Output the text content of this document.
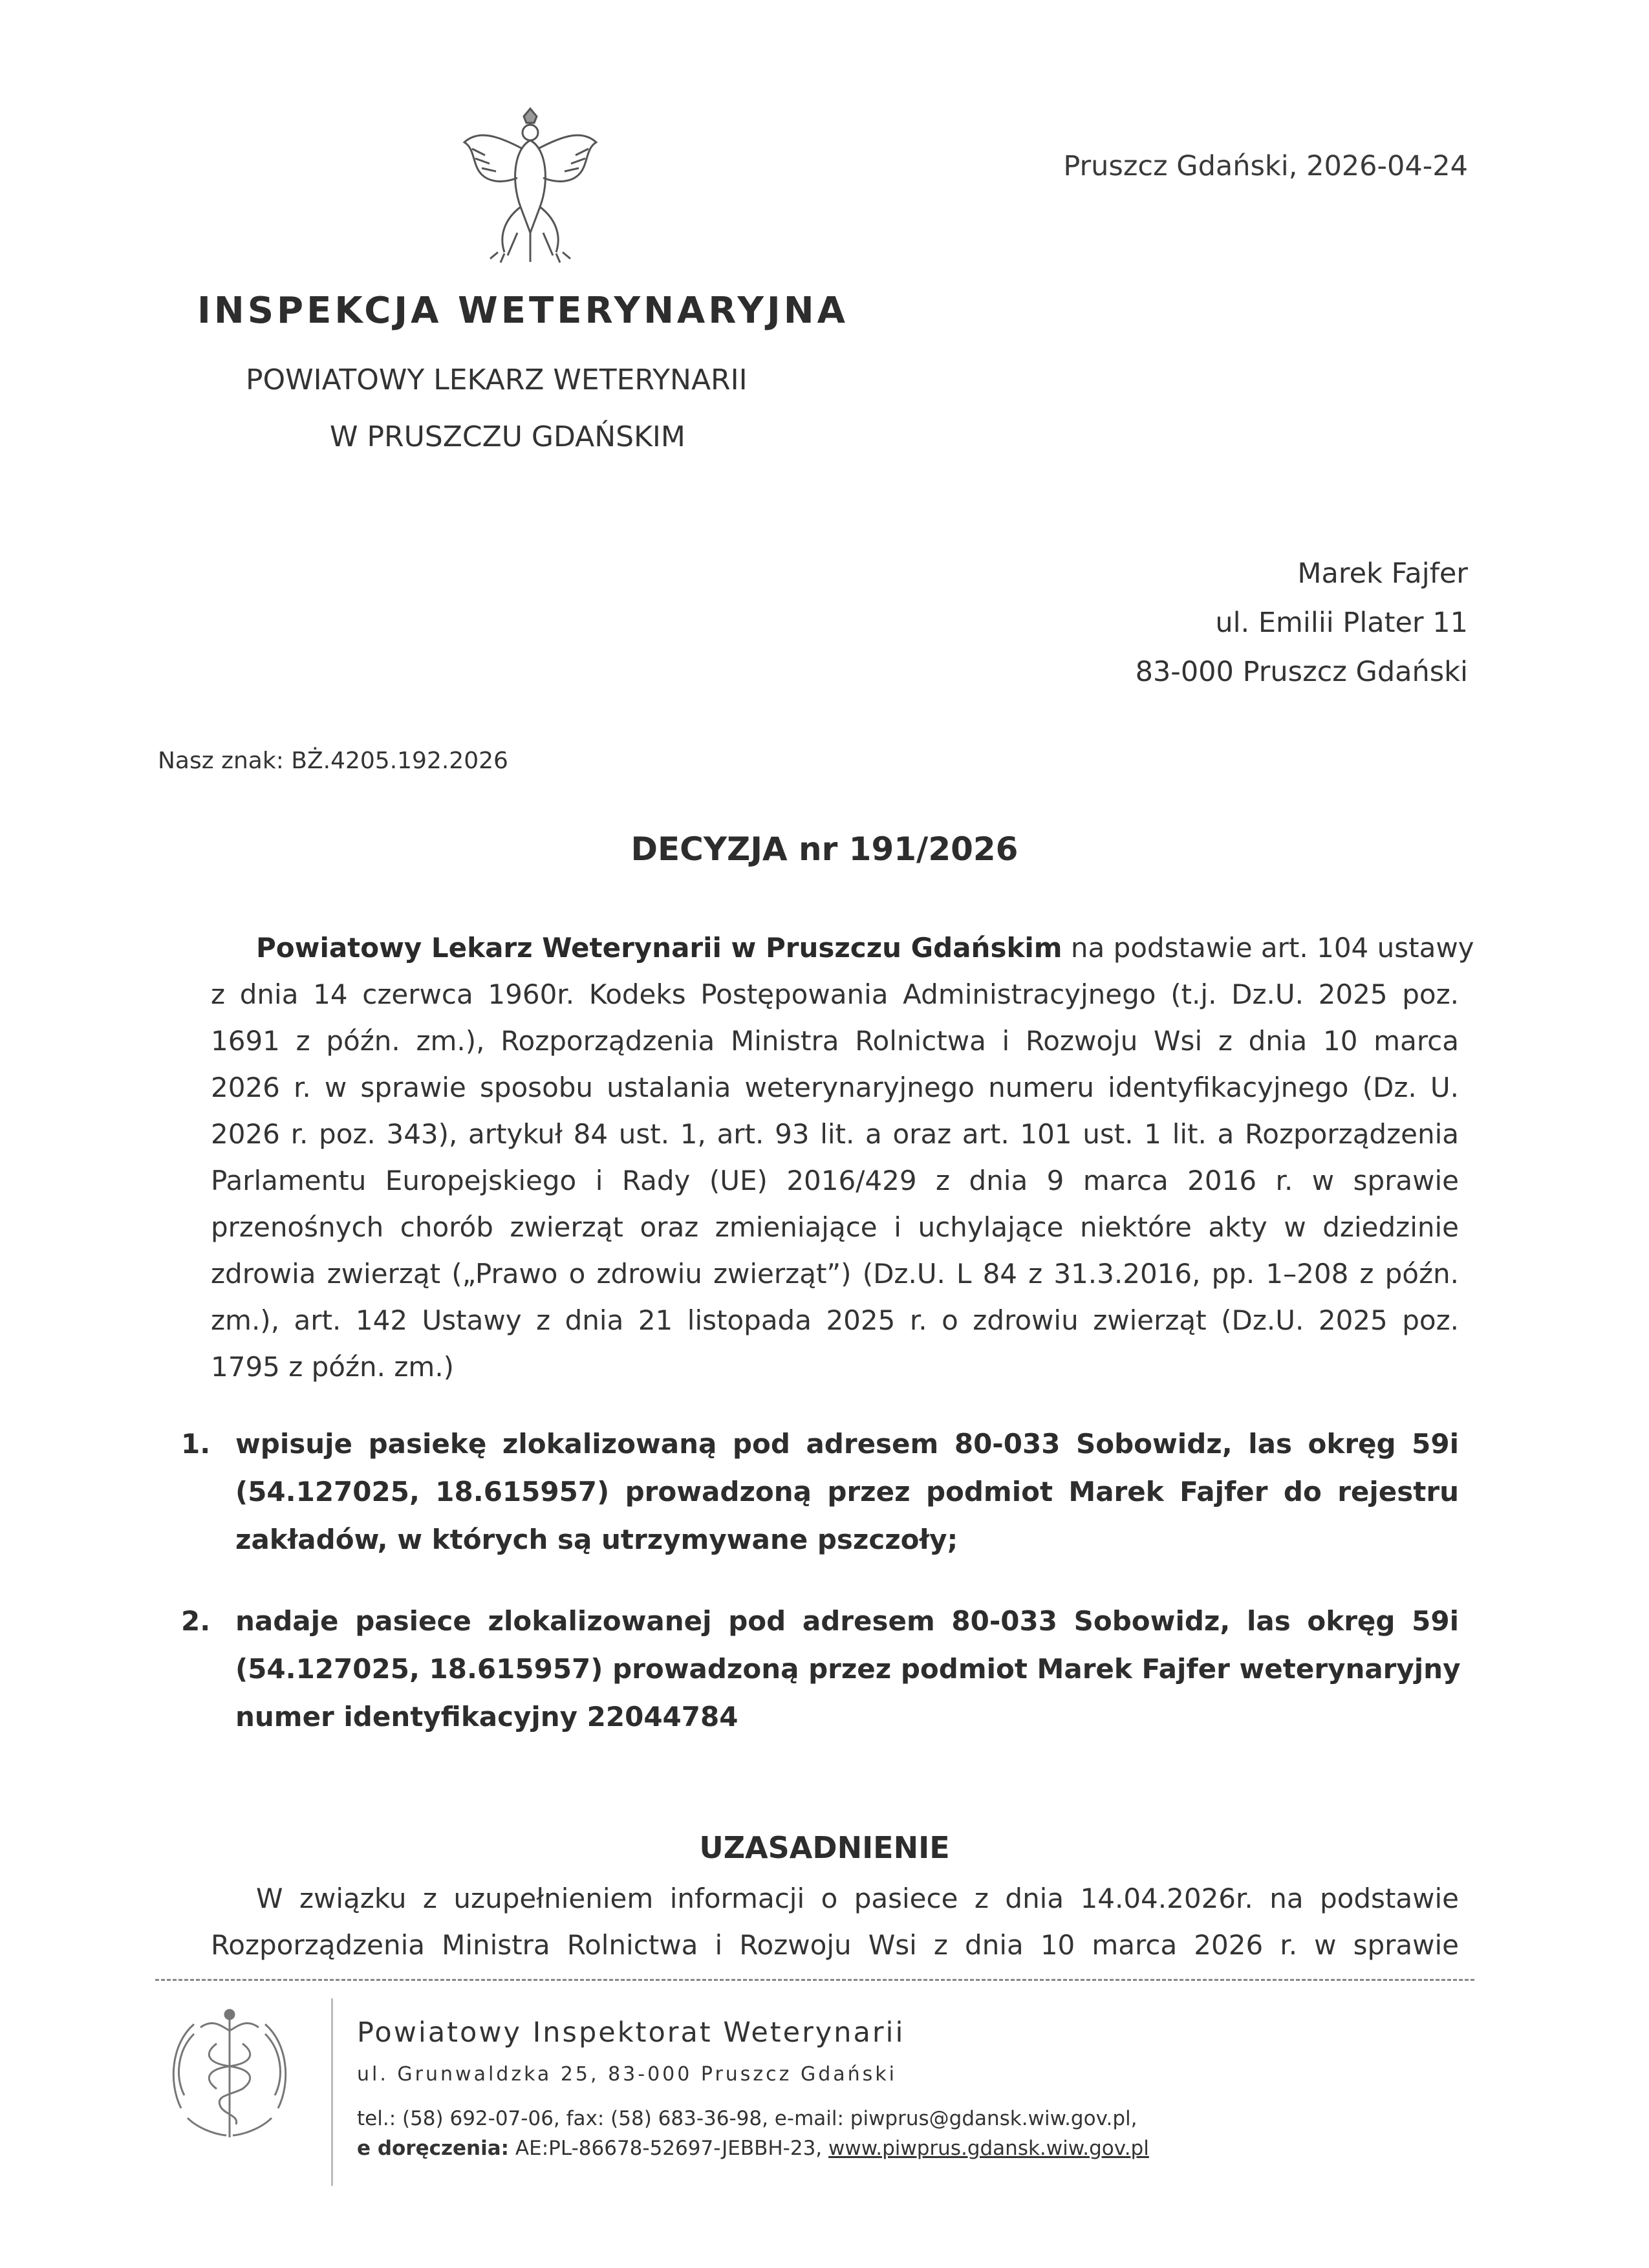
Pruszcz Gdański, 2026-04-24
INSPEKCJA WETERYNARYJNA
POWIATOWY LEKARZ WETERYNARII
W PRUSZCZU GDAŃSKIM
Marek Fajfer
ul. Emilii Plater 11
83-000 Pruszcz Gdański
Nasz znak: BŻ.4205.192.2026
DECYZJA nr 191/2026
Powiatowy Lekarz Weterynarii w Pruszczu Gdańskim na podstawie art. 104 ustawy
z dnia 14 czerwca 1960r. Kodeks Postępowania Administracyjnego (t.j. Dz.U. 2025 poz.
1691 z późn. zm.), Rozporządzenia Ministra Rolnictwa i Rozwoju Wsi z dnia 10 marca
2026 r. w sprawie sposobu ustalania weterynaryjnego numeru identyfikacyjnego (Dz. U.
2026 r. poz. 343), artykuł 84 ust. 1, art. 93 lit. a oraz art. 101 ust. 1 lit. a Rozporządzenia
Parlamentu Europejskiego i Rady (UE) 2016/429 z dnia 9 marca 2016 r. w sprawie
przenośnych chorób zwierząt oraz zmieniające i uchylające niektóre akty w dziedzinie
zdrowia zwierząt („Prawo o zdrowiu zwierząt”) (Dz.U. L 84 z 31.3.2016, pp. 1–208 z późn.
zm.), art. 142 Ustawy z dnia 21 listopada 2025 r. o zdrowiu zwierząt (Dz.U. 2025 poz.
1795 z późn. zm.)
1. wpisuje pasiekę zlokalizowaną pod adresem 80-033 Sobowidz, las okręg 59i
(54.127025, 18.615957) prowadzoną przez podmiot Marek Fajfer do rejestru
zakładów, w których są utrzymywane pszczoły;
2. nadaje pasiece zlokalizowanej pod adresem 80-033 Sobowidz, las okręg 59i
(54.127025, 18.615957) prowadzoną przez podmiot Marek Fajfer weterynaryjny
numer identyfikacyjny 22044784
UZASADNIENIE
W związku z uzupełnieniem informacji o pasiece z dnia 14.04.2026r. na podstawie
Rozporządzenia Ministra Rolnictwa i Rozwoju Wsi z dnia 10 marca 2026 r. w sprawie
Powiatowy Inspektorat Weterynarii
ul. Grunwaldzka 25, 83-000 Pruszcz Gdański
tel.: (58) 692-07-06, fax: (58) 683-36-98, e-mail: piwprus@gdansk.wiw.gov.pl,
e doręczenia: AE:PL-86678-52697-JEBBH-23, www.piwprus.gdansk.wiw.gov.pl
